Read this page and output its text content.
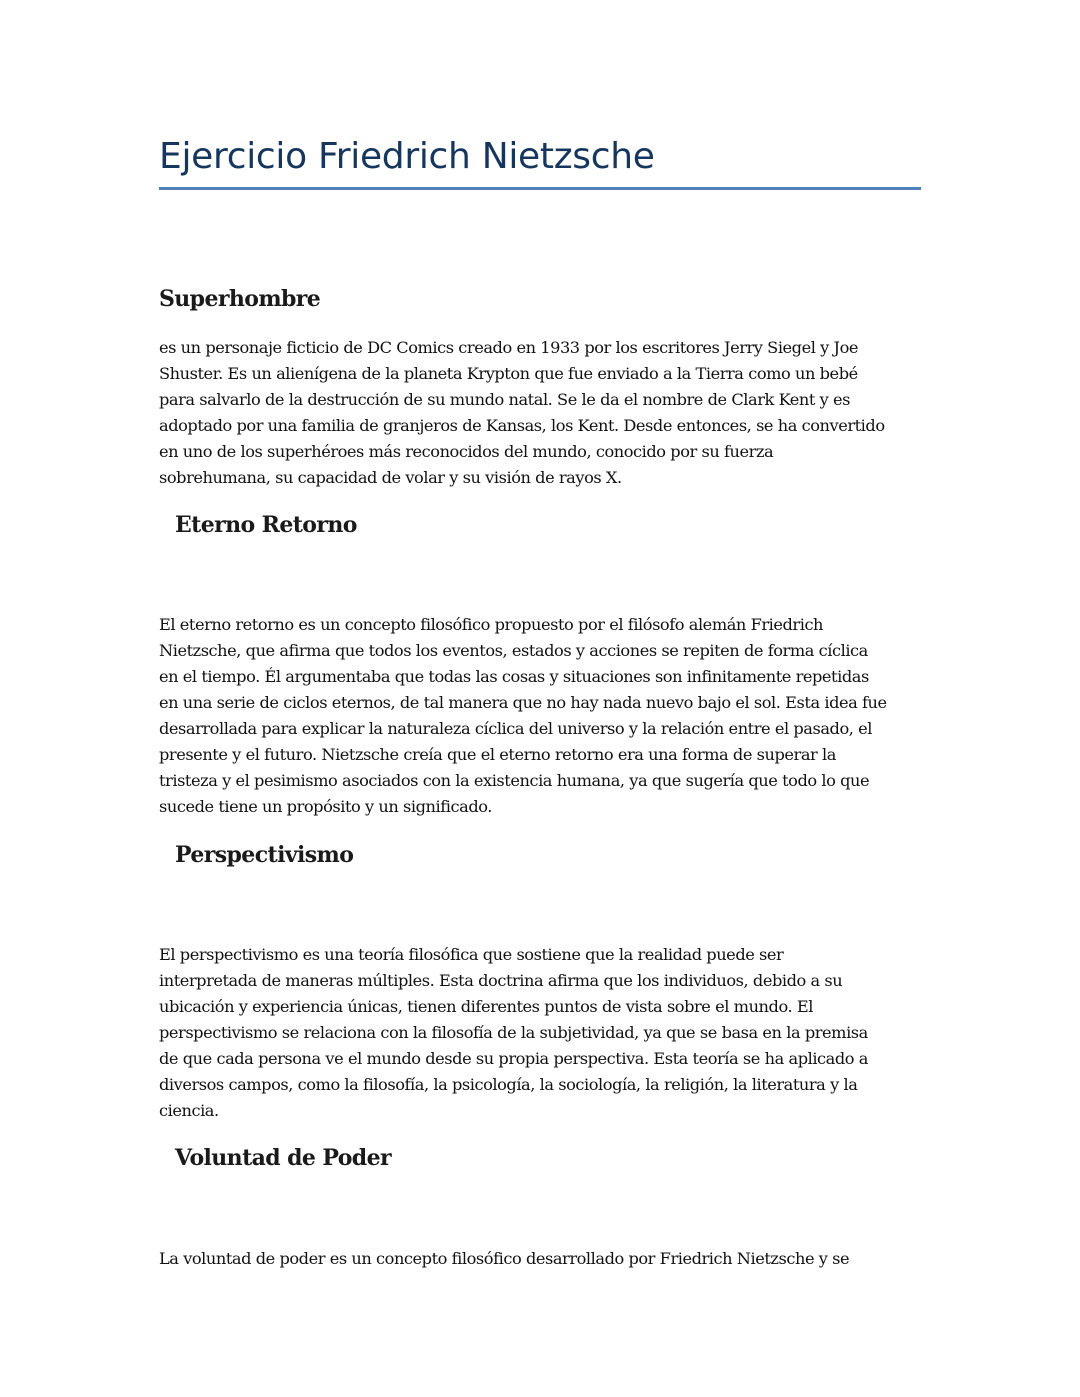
Ejercicio Friedrich Nietzsche
Superhombre
es un personaje ficticio de DC Comics creado en 1933 por los escritores Jerry Siegel y Joe
Shuster. Es un alienígena de la planeta Krypton que fue enviado a la Tierra como un bebé
para salvarlo de la destrucción de su mundo natal. Se le da el nombre de Clark Kent y es
adoptado por una familia de granjeros de Kansas, los Kent. Desde entonces, se ha convertido
en uno de los superhéroes más reconocidos del mundo, conocido por su fuerza
sobrehumana, su capacidad de volar y su visión de rayos X.
Eterno Retorno
El eterno retorno es un concepto filosófico propuesto por el filósofo alemán Friedrich
Nietzsche, que afirma que todos los eventos, estados y acciones se repiten de forma cíclica
en el tiempo. Él argumentaba que todas las cosas y situaciones son infinitamente repetidas
en una serie de ciclos eternos, de tal manera que no hay nada nuevo bajo el sol. Esta idea fue
desarrollada para explicar la naturaleza cíclica del universo y la relación entre el pasado, el
presente y el futuro. Nietzsche creía que el eterno retorno era una forma de superar la
tristeza y el pesimismo asociados con la existencia humana, ya que sugería que todo lo que
sucede tiene un propósito y un significado.
Perspectivismo
El perspectivismo es una teoría filosófica que sostiene que la realidad puede ser
interpretada de maneras múltiples. Esta doctrina afirma que los individuos, debido a su
ubicación y experiencia únicas, tienen diferentes puntos de vista sobre el mundo. El
perspectivismo se relaciona con la filosofía de la subjetividad, ya que se basa en la premisa
de que cada persona ve el mundo desde su propia perspectiva. Esta teoría se ha aplicado a
diversos campos, como la filosofía, la psicología, la sociología, la religión, la literatura y la
ciencia.
Voluntad de Poder
La voluntad de poder es un concepto filosófico desarrollado por Friedrich Nietzsche y se
